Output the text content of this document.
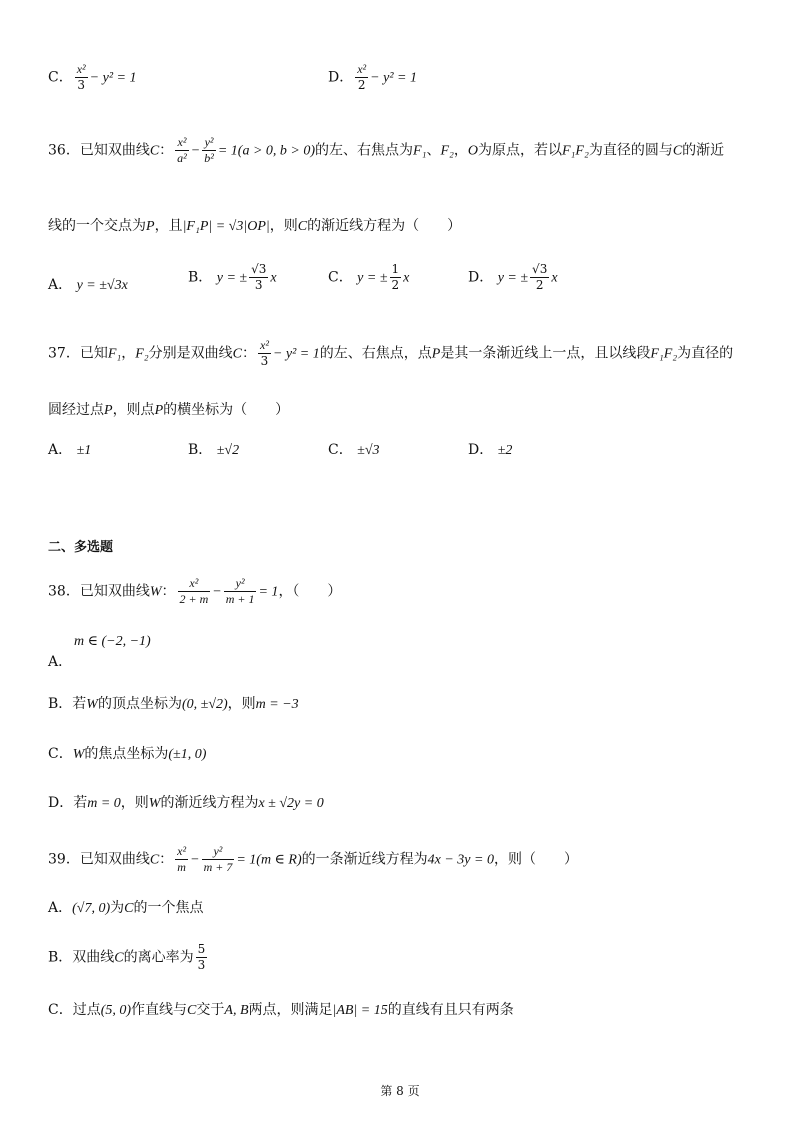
C． $\frac{\text{x²}}{3} - y^2 = 1$	D． $\frac{\text{x²}}{2} - y^2 = 1$
36．已知双曲线C： $\frac{\text{x²}}{\text{a²}} - \frac{\text{y²}}{\text{b²}} = 1(a > 0$, b > 0)的左、右焦点为F₁、F₂，O为原点，若以F₁F₂为直径的圆与C的渐近
线的一个交点为P，且|F₁P| = √3|OP|，则C的渐近线方程为（　　）
A． y = ±√3x	B． y = ± $\frac{√3}{3}$ x	C． y = ± $\frac{1}{2}$ x	D． y = ± $\frac{√3}{2}$ x
37．已知F₁，F₂分别是双曲线C： $\frac{\text{x²}}{3} - y^2 = 1$的左、右焦点，点P是其一条渐近线上一点，且以线段F₁F₂为直径的
圆经过点P，则点P的横坐标为（　　）
A． ±1	B． ±√2	C． ±√3	D． ±2
二、多选题
38．已知双曲线W： $\frac{\text{x²}}{2 + m} - \frac{\text{y²}}{m + 1} = 1$，（　　）
m ∈ (−2, −1)
A．
B．若W的顶点坐标为(0, ±√2)，则m = −3
C．W的焦点坐标为(±1, 0)
D．若m = 0，则W的渐近线方程为x ± √2y = 0
39．已知双曲线C： $\frac{\text{x²}}{m} - \frac{\text{y²}}{m + 7} = 1(m$ ∈ R)的一条渐近线方程为4x − 3y = 0，则（　　）
A．(√7, 0)为C的一个焦点
B．双曲线C的离心率为 $\frac{5}{3}$
C．过点(5, 0)作直线与C交于A, B两点，则满足|AB| = 15的直线有且只有两条
第 8 页
